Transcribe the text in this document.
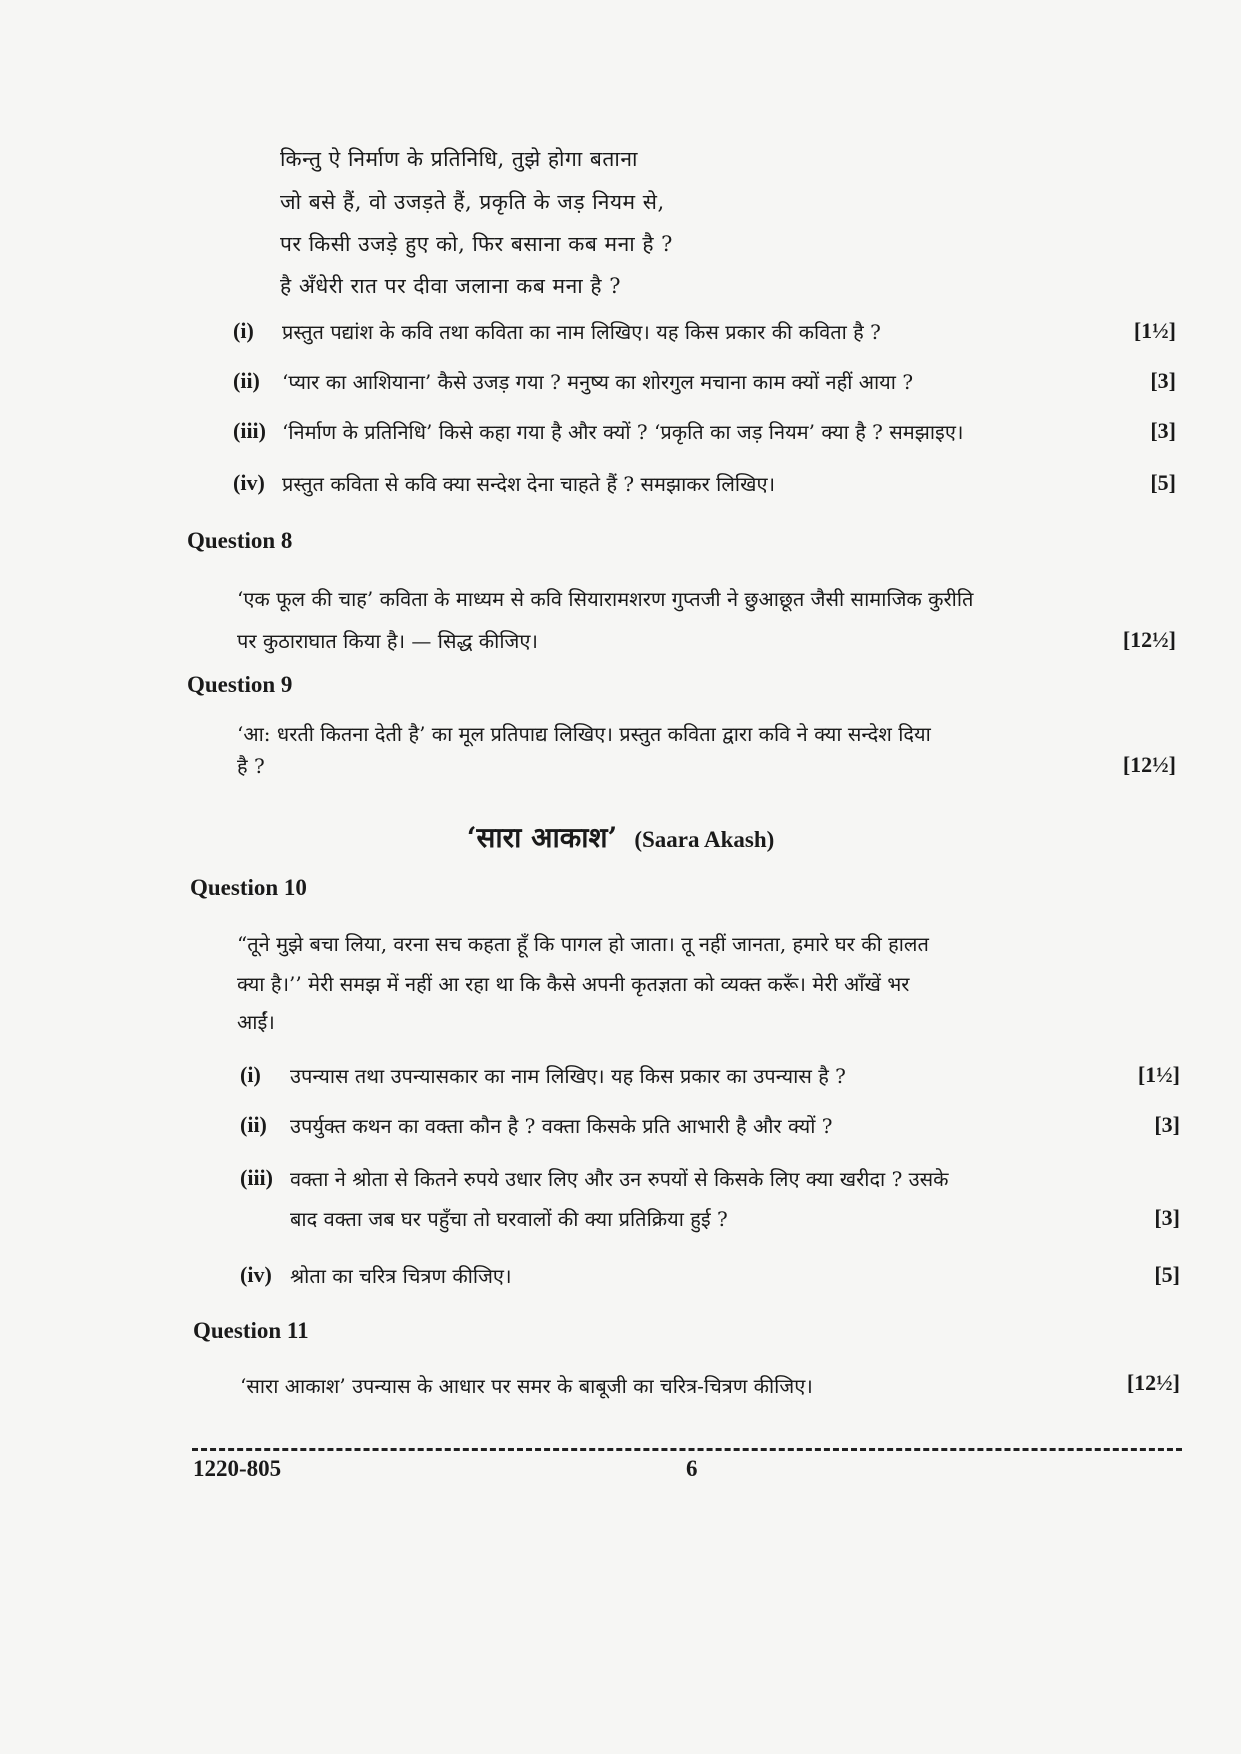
किन्तु ऐ निर्माण के प्रतिनिधि, तुझे होगा बताना
जो बसे हैं, वो उजड़ते हैं, प्रकृति के जड़ नियम से,
पर किसी उजड़े हुए को, फिर बसाना कब मना है ?
है अँधेरी रात पर दीवा जलाना कब मना है ?
(i) प्रस्तुत पद्यांश के कवि तथा कविता का नाम लिखिए। यह किस प्रकार की कविता है ?	[1½]
(ii) ‘प्यार का आशियाना’ कैसे उजड़ गया ? मनुष्य का शोरगुल मचाना काम क्यों नहीं आया ?	[3]
(iii) ‘निर्माण के प्रतिनिधि’ किसे कहा गया है और क्यों ? ‘प्रकृति का जड़ नियम’ क्या है ? समझाइए।	[3]
(iv) प्रस्तुत कविता से कवि क्या सन्देश देना चाहते हैं ? समझाकर लिखिए।	[5]
Question 8
‘एक फूल की चाह’ कविता के माध्यम से कवि सियारामशरण गुप्तजी ने छुआछूत जैसी सामाजिक कुरीति
पर कुठाराघात किया है। — सिद्ध कीजिए।	[12½]
Question 9
‘आ: धरती कितना देती है’ का मूल प्रतिपाद्य लिखिए। प्रस्तुत कविता द्वारा कवि ने क्या सन्देश दिया
है ?	[12½]
‘सारा आकाश’ (Saara Akash)
Question 10
“तूने मुझे बचा लिया, वरना सच कहता हूँ कि पागल हो जाता। तू नहीं जानता, हमारे घर की हालत
क्या है।’’ मेरी समझ में नहीं आ रहा था कि कैसे अपनी कृतज्ञता को व्यक्त करूँ। मेरी आँखें भर
आईं।
(i) उपन्यास तथा उपन्यासकार का नाम लिखिए। यह किस प्रकार का उपन्यास है ?	[1½]
(ii) उपर्युक्त कथन का वक्ता कौन है ? वक्ता किसके प्रति आभारी है और क्यों ?	[3]
(iii) वक्ता ने श्रोता से कितने रुपये उधार लिए और उन रुपयों से किसके लिए क्या खरीदा ? उसके
बाद वक्ता जब घर पहुँचा तो घरवालों की क्या प्रतिक्रिया हुई ?	[3]
(iv) श्रोता का चरित्र चित्रण कीजिए।	[5]
Question 11
‘सारा आकाश’ उपन्यास के आधार पर समर के बाबूजी का चरित्र-चित्रण कीजिए।	[12½]
1220-805	6
